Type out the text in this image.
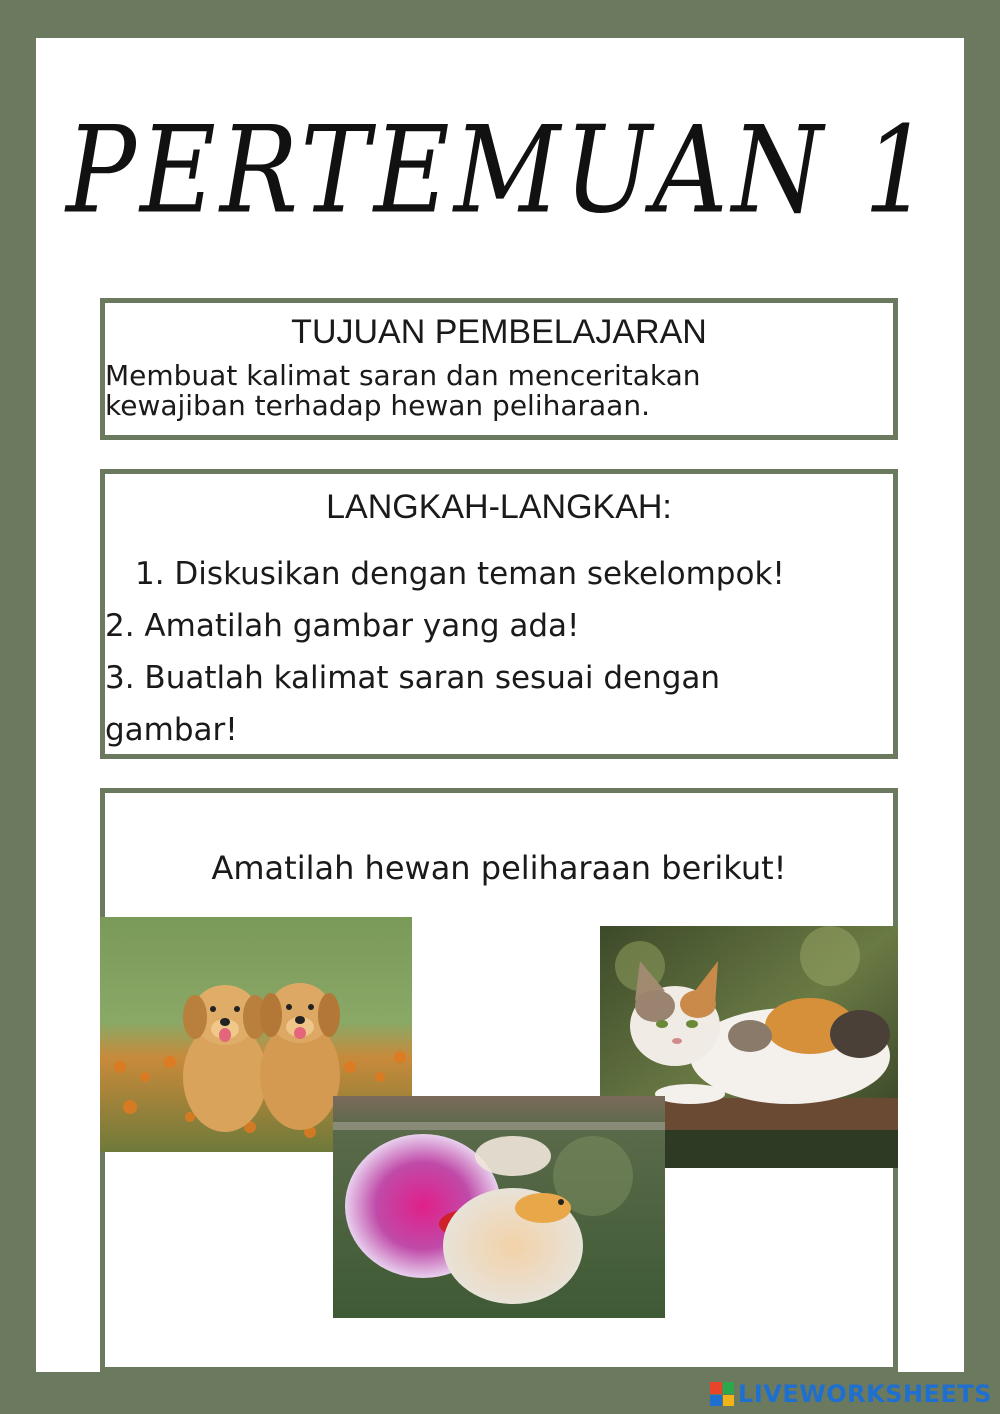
PERTEMUAN 1
TUJUAN PEMBELAJARAN
Membuat kalimat saran dan menceritakan
kewajiban terhadap hewan peliharaan.
LANGKAH-LANGKAH:
1. Diskusikan dengan teman sekelompok!
2. Amatilah gambar yang ada!
3. Buatlah kalimat saran sesuai dengan
gambar!
Amatilah hewan peliharaan berikut!
LIVEWORKSHEETS
